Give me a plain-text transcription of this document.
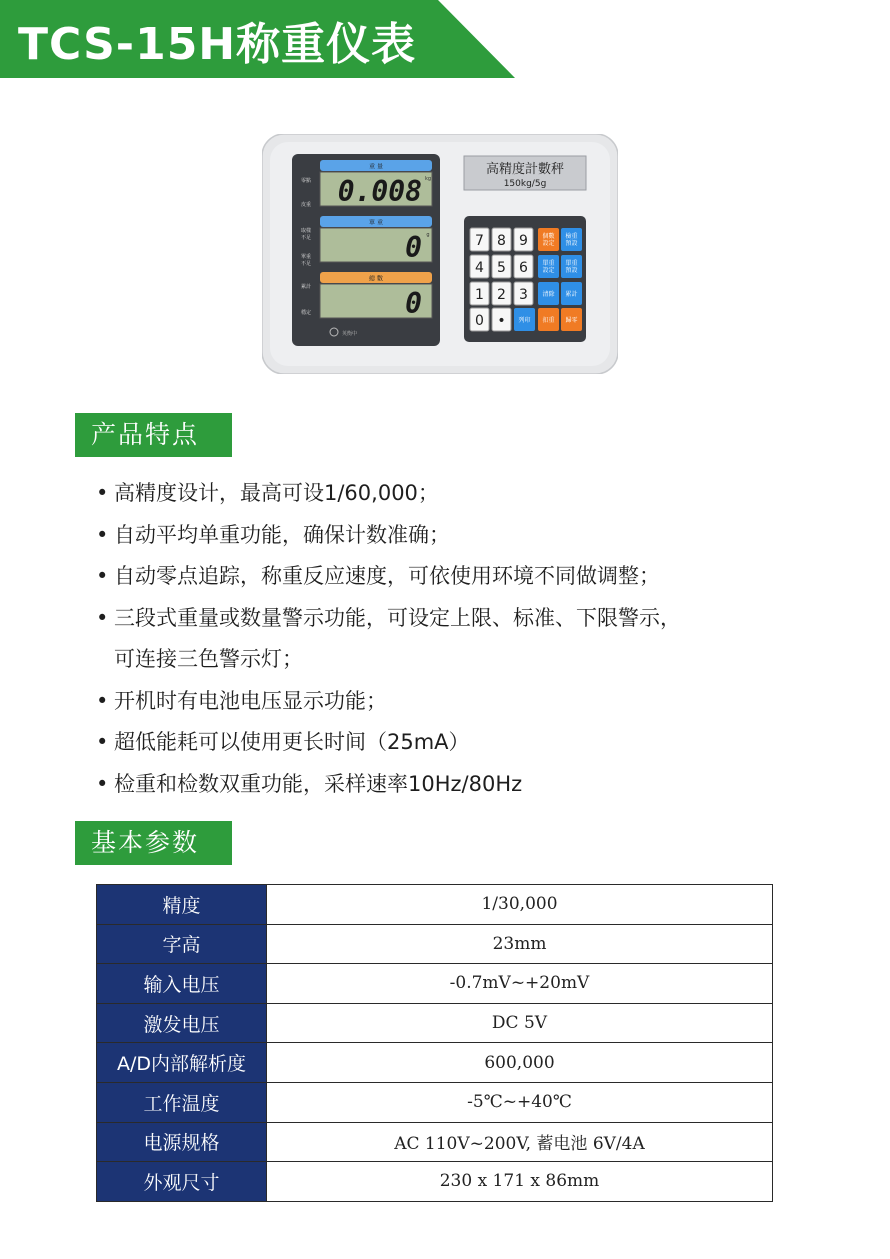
TCS-15H称重仪表
高精度計數秤
150kg/5g
重 量
0.008 kg
單 重
0 g
總 數
0
零點
皮重
取樣
不足
單重
不足
累計
穩定
7 8 9
4 5 6
1 2 3
0 •
個數
設定
檢重
預設
單重
設定
單重
預設
清除 累計
列印 扣重 歸零
英衡中
产品特点
• 高精度设计，最高可设1/60,000；
• 自动平均单重功能，确保计数准确；
• 自动零点追踪，称重反应速度，可依使用环境不同做调整；
• 三段式重量或数量警示功能，可设定上限、标准、下限警示，
可连接三色警示灯；
• 开机时有电池电压显示功能；
• 超低能耗可以使用更长时间（25mA）
• 检重和检数双重功能，采样速率10Hz/80Hz
基本参数
精度	1/30,000
字高	23mm
输入电压	-0.7mV~+20mV
激发电压	DC 5V
A/D内部解析度	600,000
工作温度	-5℃~+40℃
电源规格	AC 110V~200V, 蓄电池 6V/4A
外观尺寸	230 x 171 x 86mm
